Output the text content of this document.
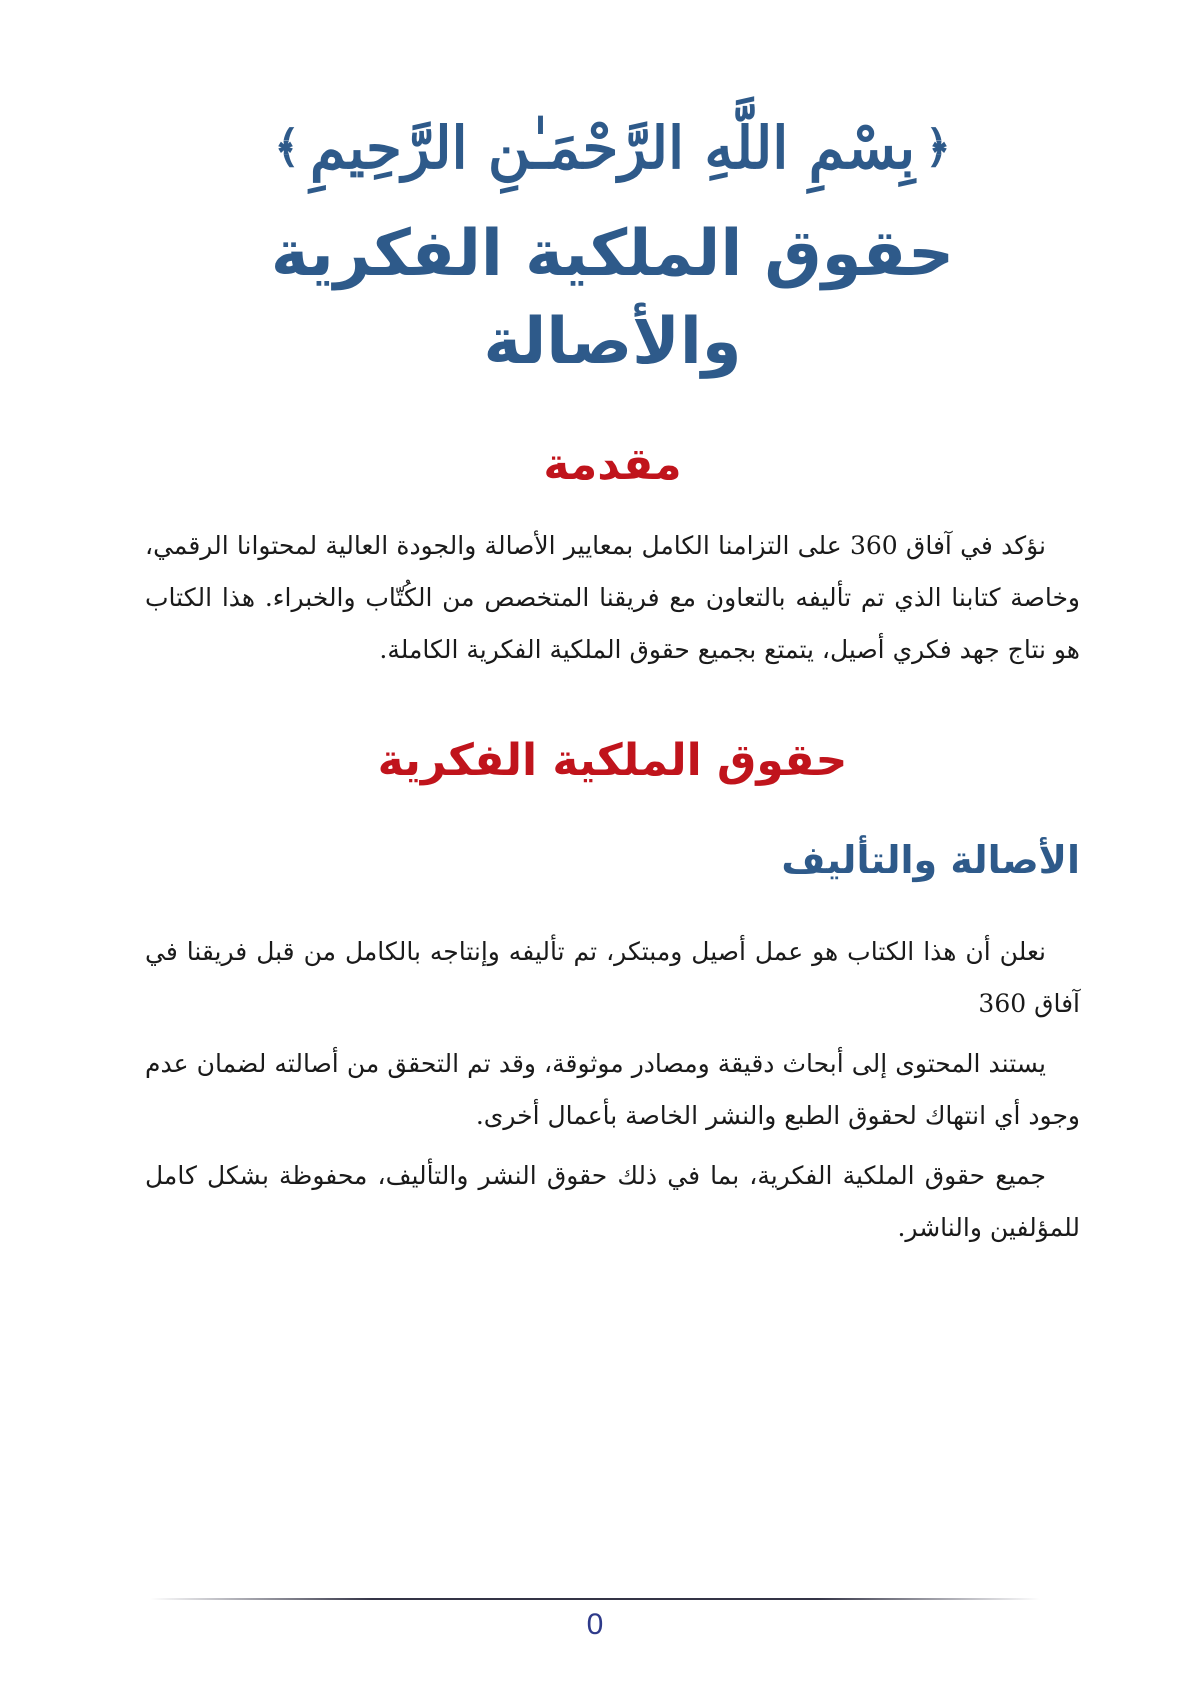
﴿
بِسْمِ اللَّهِ الرَّحْمَـٰنِ الرَّحِيمِ
﴾
حقوق الملكية الفكرية والأصالة
مقدمة

نؤكد في آفاق 360 على التزامنا الكامل بمعايير الأصالة والجودة العالية لمحتوانا الرقمي، وخاصة كتابنا الذي تم تأليفه بالتعاون مع فريقنا المتخصص من الكُتّاب والخبراء. هذا الكتاب هو نتاج جهد فكري أصيل، يتمتع بجميع حقوق الملكية الفكرية الكاملة.

حقوق الملكية الفكرية
الأصالة والتأليف

نعلن أن هذا الكتاب هو عمل أصيل ومبتكر، تم تأليفه وإنتاجه بالكامل من قبل فريقنا في آفاق 360

يستند المحتوى إلى أبحاث دقيقة ومصادر موثوقة، وقد تم التحقق من أصالته لضمان عدم وجود أي انتهاك لحقوق الطبع والنشر الخاصة بأعمال أخرى.

جميع حقوق الملكية الفكرية، بما في ذلك حقوق النشر والتأليف، محفوظة بشكل كامل للمؤلفين والناشر.

0
